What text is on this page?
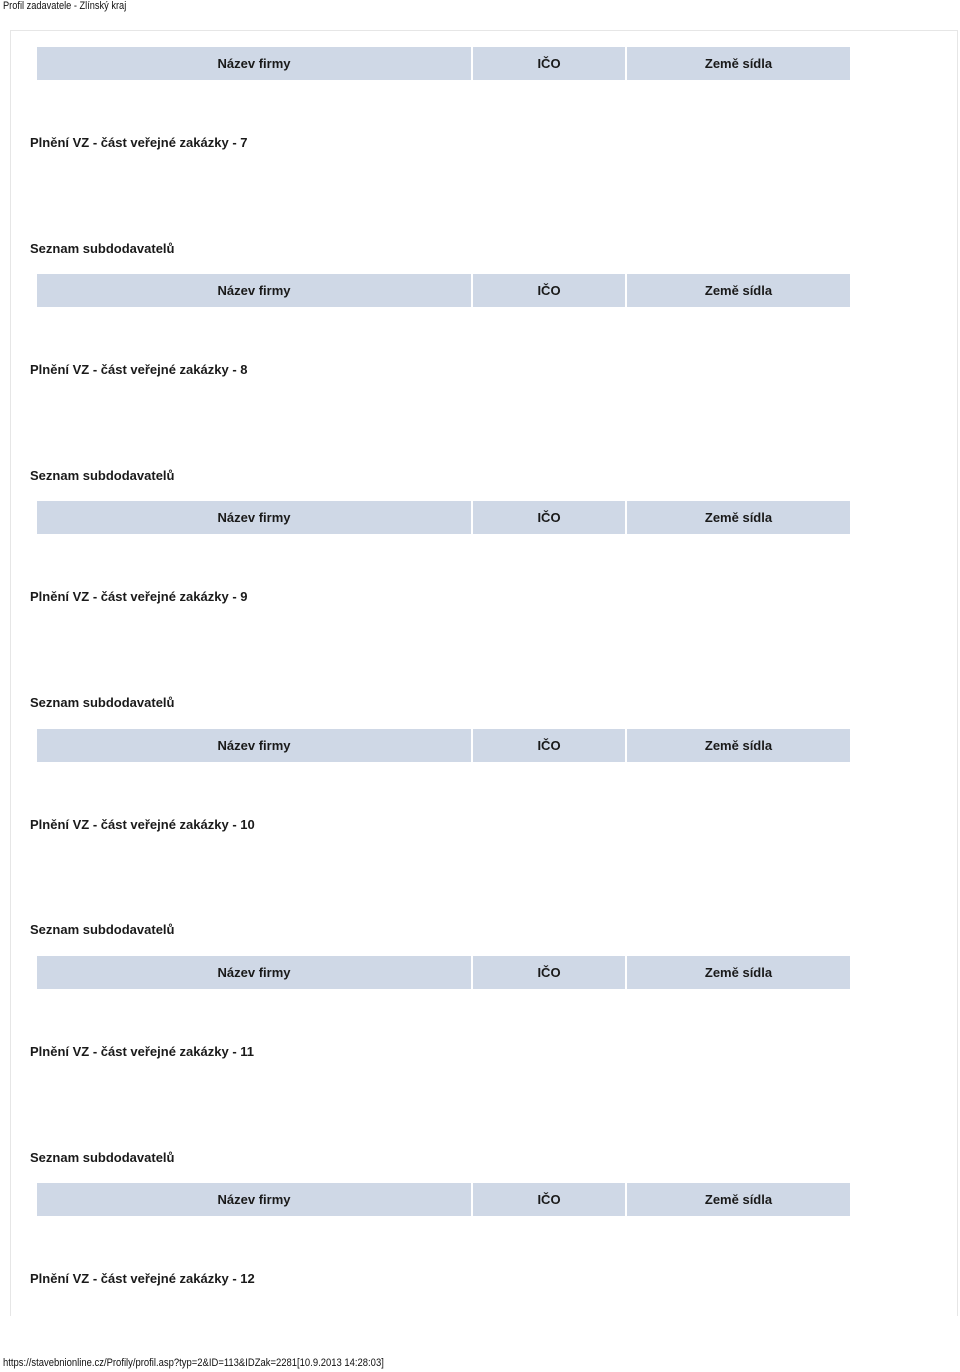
Profil zadavatele - Zlínský kraj
Název firmy	IČO	Země sídla
Plnění VZ - část veřejné zakázky - 7
Seznam subdodavatelů
Název firmy	IČO	Země sídla
Plnění VZ - část veřejné zakázky - 8
Seznam subdodavatelů
Název firmy	IČO	Země sídla
Plnění VZ - část veřejné zakázky - 9
Seznam subdodavatelů
Název firmy	IČO	Země sídla
Plnění VZ - část veřejné zakázky - 10
Seznam subdodavatelů
Název firmy	IČO	Země sídla
Plnění VZ - část veřejné zakázky - 11
Seznam subdodavatelů
Název firmy	IČO	Země sídla
Plnění VZ - část veřejné zakázky - 12
https://stavebnionline.cz/Profily/profil.asp?typ=2&ID=113&IDZak=2281[10.9.2013 14:28:03]
